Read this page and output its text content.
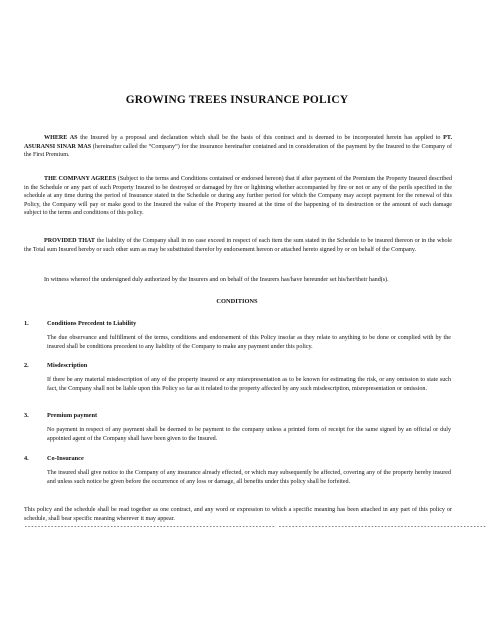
GROWING TREES INSURANCE POLICY

WHERE AS the Insured by a proposal and declaration which shall be the basis of this contract and is deemed to be incorporated herein has applied to PT. ASURANSI SINAR MAS (hereinafter called the “Company”) for the insurance hereinafter contained and in consideration of the payment by the Insured to the Company of the First Premium.

THE COMPANY AGREES (Subject to the terms and Conditions contained or endorsed hereon) that if after payment of the Premium the Property Insured described in the Schedule or any part of such Property Insured to be destroyed or damaged by fire or lightning whether accompanied by fire or not or any of the perils specified in the schedule at any time during the period of Insurance stated in the Schedule or during any further period for which the Company may accept payment for the renewal of this Policy, the Company will pay or make good to the Insured the value of the Property insured at the time of the happening of its destruction or the amount of such damage subject to the terms and conditions of this policy.

PROVIDED THAT the liability of the Company shall in no case exceed in respect of each item the sum stated in the Schedule to be insured thereon or in the whole the Total sum Insured hereby or such other sum as may be substituted therefor by endorsement hereon or attached hereto signed by or on behalf of the Company.

In witness whereof the undersigned duly authorized by the Insurers and on behalf of the Insurers has/have hereunder set his/her/their hand(s).

CONDITIONS
1.	Conditions Precedent to Liability

The due observance and fulfillment of the terms, conditions and endorsement of this Policy insofar as they relate to anything to be done or complied with by the insured shall be conditions precedent to any liability of the Company to make any payment under this policy.

2.	Misdescription

If there be any material misdescription of any of the property insured or any misrepresentation as to be known for estimating the risk, or any omission to state such fact, the Company shall not be liable upon this Policy so far as it related to the property affected by any such misdescription, misrepresentation or omission.

3.	Premium payment

No payment in respect of any payment shall be deemed to be payment to the company unless a printed form of receipt for the same signed by an official or duly appointed agent of the Company shall have been given to the Insured.

4.	Co-Insurance

The insured shall give notice to the Company of any insurance already effected, or which may subsequently be affected, covering any of the property hereby insured and unless such notice be given before the occurrence of any loss or damage, all benefits under this policy shall be forfeited.

This policy and the schedule shall be read together as one contract, and any word or expression to which a specific meaning has been attached in any part of this policy or schedule, shall bear specific meaning wherever it may appear.

---------------------------------------------------------------------------- ---------------------------------------------------------------
